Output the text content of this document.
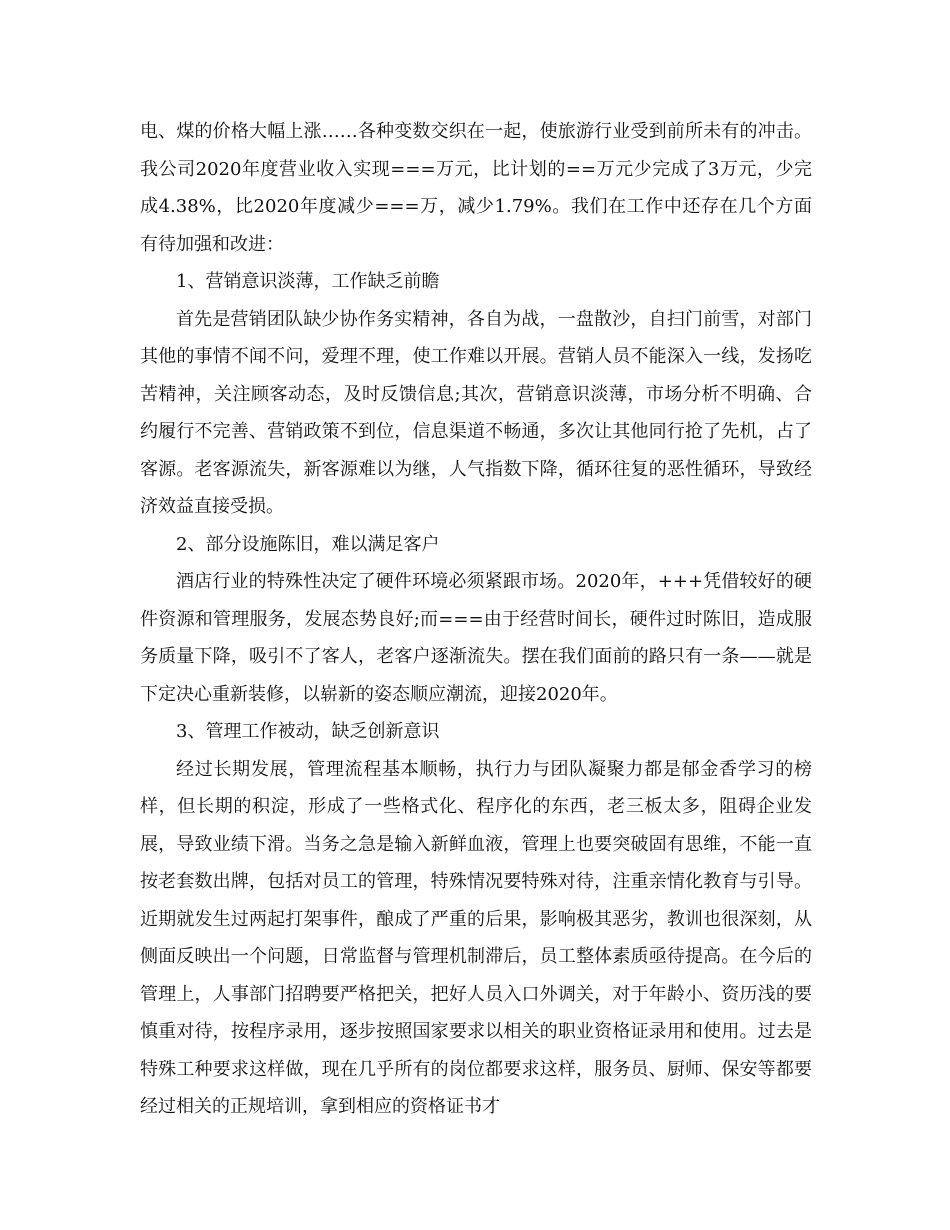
电、煤的价格大幅上涨……各种变数交织在一起，使旅游行业受到前所未有的冲击。我公司2020年度营业收入实现===万元，比计划的==万元少完成了3万元，少完成4.38%，比2020年度减少===万，减少1.79%。我们在工作中还存在几个方面有待加强和改进：

1、营销意识淡薄，工作缺乏前瞻

首先是营销团队缺少协作务实精神，各自为战，一盘散沙，自扫门前雪，对部门其他的事情不闻不问，爱理不理，使工作难以开展。营销人员不能深入一线，发扬吃苦精神，关注顾客动态，及时反馈信息;其次，营销意识淡薄，市场分析不明确、合约履行不完善、营销政策不到位，信息渠道不畅通，多次让其他同行抢了先机，占了客源。老客源流失，新客源难以为继，人气指数下降，循环往复的恶性循环，导致经济效益直接受损。

2、部分设施陈旧，难以满足客户

酒店行业的特殊性决定了硬件环境必须紧跟市场。2020年，+++凭借较好的硬件资源和管理服务，发展态势良好;而===由于经营时间长，硬件过时陈旧，造成服务质量下降，吸引不了客人，老客户逐渐流失。摆在我们面前的路只有一条——就是下定决心重新装修，以崭新的姿态顺应潮流，迎接2020年。

3、管理工作被动，缺乏创新意识

经过长期发展，管理流程基本顺畅，执行力与团队凝聚力都是郁金香学习的榜样，但长期的积淀，形成了一些格式化、程序化的东西，老三板太多，阻碍企业发展，导致业绩下滑。当务之急是输入新鲜血液，管理上也要突破固有思维，不能一直按老套数出牌，包括对员工的管理，特殊情况要特殊对待，注重亲情化教育与引导。近期就发生过两起打架事件，酿成了严重的后果，影响极其恶劣，教训也很深刻，从侧面反映出一个问题，日常监督与管理机制滞后，员工整体素质亟待提高。在今后的管理上，人事部门招聘要严格把关，把好人员入口外调关，对于年龄小、资历浅的要慎重对待，按程序录用，逐步按照国家要求以相关的职业资格证录用和使用。过去是特殊工种要求这样做，现在几乎所有的岗位都要求这样，服务员、厨师、保安等都要经过相关的正规培训，拿到相应的资格证书才
